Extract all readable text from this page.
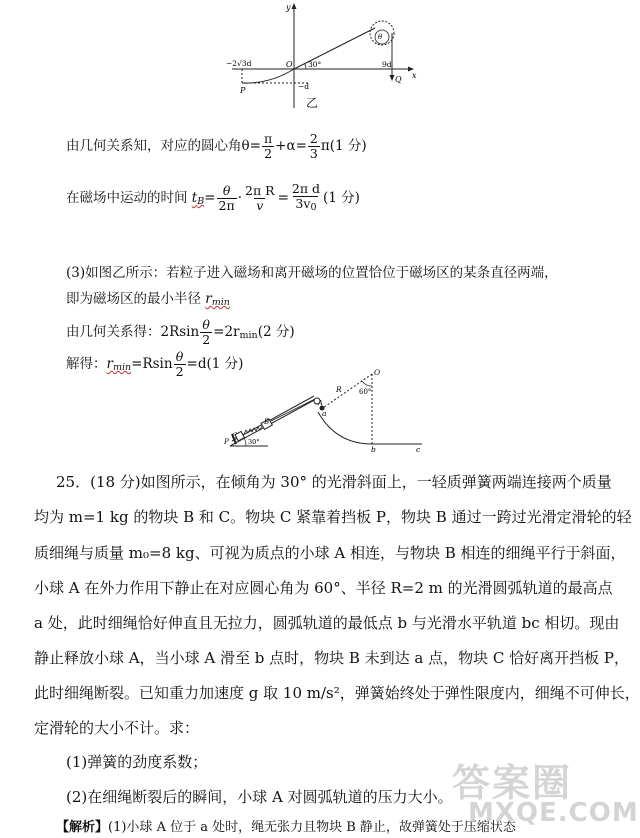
y
x
O
−2√3d	9d
−d
30°
P
Q
θ
乙
由几何关系知，对应的圆心角$\theta= \frac{\pi}{2} +\alpha= \frac{2}{3} \pi(1$ 分)
在磁场中运动的时间 $t_B= \frac{\theta}{2\pi} \cdot \frac{\text{2π R}}{v} = \frac{\text{2π d}}{3v_0} (1$ 分)
(3)如图乙所示：若粒子进入磁场和离开磁场的位置恰位于磁场区的某条直径两端，
即为磁场区的最小半径 $r_{min}$
由几何关系得：$2Rsin \frac{\theta}{2} =2r_{min}(2$ 分)
解得：$r_{min}=Rsin \frac{\theta}{2} =d(1$ 分)
O
R 60°
a
b	c
B
C
P	30°
A
25．(18 分)如图所示，在倾角为 30° 的光滑斜面上，一轻质弹簧两端连接两个质量
均为 m=1 kg 的物块 B 和 C。物块 C 紧靠着挡板 P，物块 B 通过一跨过光滑定滑轮的轻
质细绳与质量 m₀=8 kg、可视为质点的小球 A 相连，与物块 B 相连的细绳平行于斜面，
小球 A 在外力作用下静止在对应圆心角为 60°、半径 R=2 m 的光滑圆弧轨道的最高点
a 处，此时细绳恰好伸直且无拉力，圆弧轨道的最低点 b 与光滑水平轨道 bc 相切。现由
静止释放小球 A，当小球 A 滑至 b 点时，物块 B 未到达 a 点，物块 C 恰好离开挡板 P，
此时细绳断裂。已知重力加速度 g 取 10 m/s²，弹簧始终处于弹性限度内，细绳不可伸长，
定滑轮的大小不计。求：
(1)弹簧的劲度系数；
(2)在细绳断裂后的瞬间，小球 A 对圆弧轨道的压力大小。
【解析】(1)小球 A 位于 a 处时，绳无张力且物块 B 静止，故弹簧处于压缩状态
答案圈
MXQE.COM
